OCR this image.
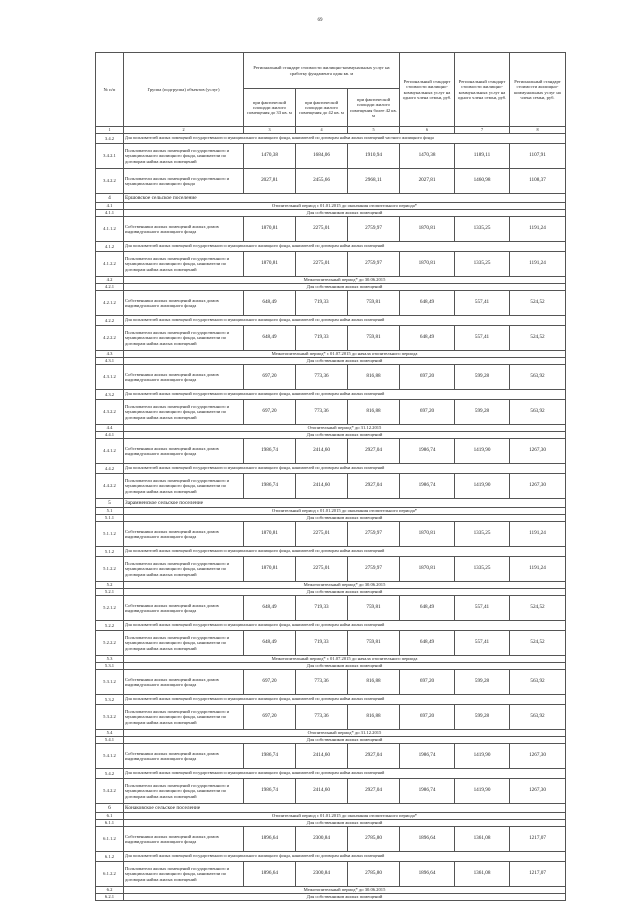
69
№ п/п	Группа (подгруппа) объектов (услуг)	Региональный стандарт стоимости жилищно-коммунальных услуг на сработку фундамента один кв. м			Региональный стандарт стоимости жилищно-коммунальных услуг на одного члена семьи, руб.	Региональный стандарт стоимости жилищно-коммунальных услуг на одного члена семьи, руб.	Региональный стандарт стоимости жилищно-коммунальных услуг на члена семьи, руб.
		при фактической площади жилого помещения до 33 кв. м	при фактической площади жилого помещения до 42 кв. м	при фактической площади жилого помещения более 42 кв. м			
1	2	3	4	5	6	7	8
3.4.2	Для пользователей жилых помещений государственного и муниципального жилищного фонда, нанимателей по договорам найма жилых помещений частного жилищного фонда						
3.4.2.1	Пользователи жилых помещений государственного и муниципального жилищного фонда, наниматели по договорам найма жилых помещений	1470,38	1684,06	1910,94	1470,38	1189,11	1107,91
3.4.2.2	Пользователи жилых помещений государственного и муниципального жилищного фонда	2027,81	2455,66	2968,11	2027,81	1460,98	1108,37
4	Ершовское сельское поселение						
4.1	Отопительный период с 01.01.2015 до окончания отопительного периода*						
4.1.1	Для собственников жилых помещений						
4.1.1.2	Собственники жилых помещений жилых домов индивидуального жилищного фонда	1870,81	2275,01	2759,97	1870,81	1335,25	1191,24
4.1.2	Для пользователей жилых помещений государственного и муниципального жилищного фонда, нанимателей по договорам найма жилых помещений						
4.1.2.2	Пользователи жилых помещений государственного и муниципального жилищного фонда, наниматели по договорам найма жилых помещений	1870,81	2275,01	2759,97	1870,81	1335,25	1191,24
4.2	Межотопительный период* до 30.06.2015						
4.2.1	Для собственников жилых помещений						
4.2.1.2	Собственники жилых помещений жилых домов индивидуального жилищного фонда	648,49	719,33	759,81	648,49	557,41	524,52
4.2.2	Для пользователей жилых помещений государственного и муниципального жилищного фонда, нанимателей по договорам найма жилых помещений						
4.2.2.2	Пользователи жилых помещений государственного и муниципального жилищного фонда, наниматели по договорам найма жилых помещений	648,49	719,33	759,81	648,49	557,41	524,52
4.3	Межотопительный период* с 01.07.2015 до начала отопительного периода						
4.3.1	Для собственников жилых помещений						
4.3.1.2	Собственники жилых помещений жилых домов индивидуального жилищного фонда	697,20	773,36	816,88	697,20	599,28	563,92
4.3.2	Для пользователей жилых помещений государственного и муниципального жилищного фонда, нанимателей по договорам найма жилых помещений						
4.3.2.2	Пользователи жилых помещений государственного и муниципального жилищного фонда, наниматели по договорам найма жилых помещений	697,20	773,36	816,88	697,20	599,28	563,92
4.4	Отопительный период* до 31.12.2015						
4.4.1	Для собственников жилых помещений						
4.4.1.2	Собственники жилых помещений жилых домов индивидуального жилищного фонда	1986,74	2414,60	2927,04	1986,74	1419,90	1267,30
4.4.2	Для пользователей жилых помещений государственного и муниципального жилищного фонда, нанимателей по договорам найма жилых помещений						
4.4.2.2	Пользователи жилых помещений государственного и муниципального жилищного фонда, наниматели по договорам найма жилых помещений	1986,74	2414,60	2927,04	1986,74	1419,90	1267,30
5	Зарамненское сельское поселение						
5.1	Отопительный период с 01.01.2015 до окончания отопительного периода*						
5.1.1	Для собственников жилых помещений						
5.1.1.2	Собственники жилых помещений жилых домов индивидуального жилищного фонда	1870,81	2275,01	2759,97	1870,81	1335,25	1191,24
5.1.2	Для пользователей жилых помещений государственного и муниципального жилищного фонда, нанимателей по договорам найма жилых помещений						
5.1.2.2	Пользователи жилых помещений государственного и муниципального жилищного фонда, наниматели по договорам найма жилых помещений	1870,81	2275,01	2759,97	1870,81	1335,25	1191,24
5.2	Межотопительный период* до 30.06.2015						
5.2.1	Для собственников жилых помещений						
5.2.1.2	Собственники жилых помещений жилых домов индивидуального жилищного фонда	648,49	719,33	759,81	648,49	557,41	524,52
5.2.2	Для пользователей жилых помещений государственного и муниципального жилищного фонда, нанимателей по договорам найма жилых помещений						
5.2.2.2	Пользователи жилых помещений государственного и муниципального жилищного фонда, наниматели по договорам найма жилых помещений	648,49	719,33	759,81	648,49	557,41	524,52
5.3	Межотопительный период* с 01.07.2015 до начала отопительного периода						
5.3.1	Для собственников жилых помещений						
5.3.1.2	Собственники жилых помещений жилых домов индивидуального жилищного фонда	697,20	773,36	816,88	697,20	599,28	563,92
5.3.2	Для пользователей жилых помещений государственного и муниципального жилищного фонда, нанимателей по договорам найма жилых помещений						
5.3.2.2	Пользователи жилых помещений государственного и муниципального жилищного фонда, наниматели по договорам найма жилых помещений	697,20	773,36	816,88	697,20	599,28	563,92
5.4	Отопительный период* до 31.12.2015						
5.4.1	Для собственников жилых помещений						
5.4.1.2	Собственники жилых помещений жилых домов индивидуального жилищного фонда	1986,74	2414,60	2927,04	1986,74	1419,90	1267,30
5.4.2	Для пользователей жилых помещений государственного и муниципального жилищного фонда, нанимателей по договорам найма жилых помещений						
5.4.2.2	Пользователи жилых помещений государственного и муниципального жилищного фонда, наниматели по договорам найма жилых помещений	1986,74	2414,60	2927,04	1986,74	1419,90	1267,30
6	Конаковское сельское поселение						
6.1	Отопительный период с 01.01.2015 до окончания отопительного периода*						
6.1.1	Для собственников жилых помещений						
6.1.1.2	Собственники жилых помещений жилых домов индивидуального жилищного фонда	1896,64	2300,84	2785,80	1896,64	1361,08	1217,07
6.1.2	Для пользователей жилых помещений государственного и муниципального жилищного фонда, нанимателей по договорам найма жилых помещений						
6.1.2.2	Пользователи жилых помещений государственного и муниципального жилищного фонда, наниматели по договорам найма жилых помещений	1896,64	2300,84	2785,80	1896,64	1361,08	1217,07
6.2	Межотопительный период* до 30.06.2015						
6.2.1	Для собственников жилых помещений						
